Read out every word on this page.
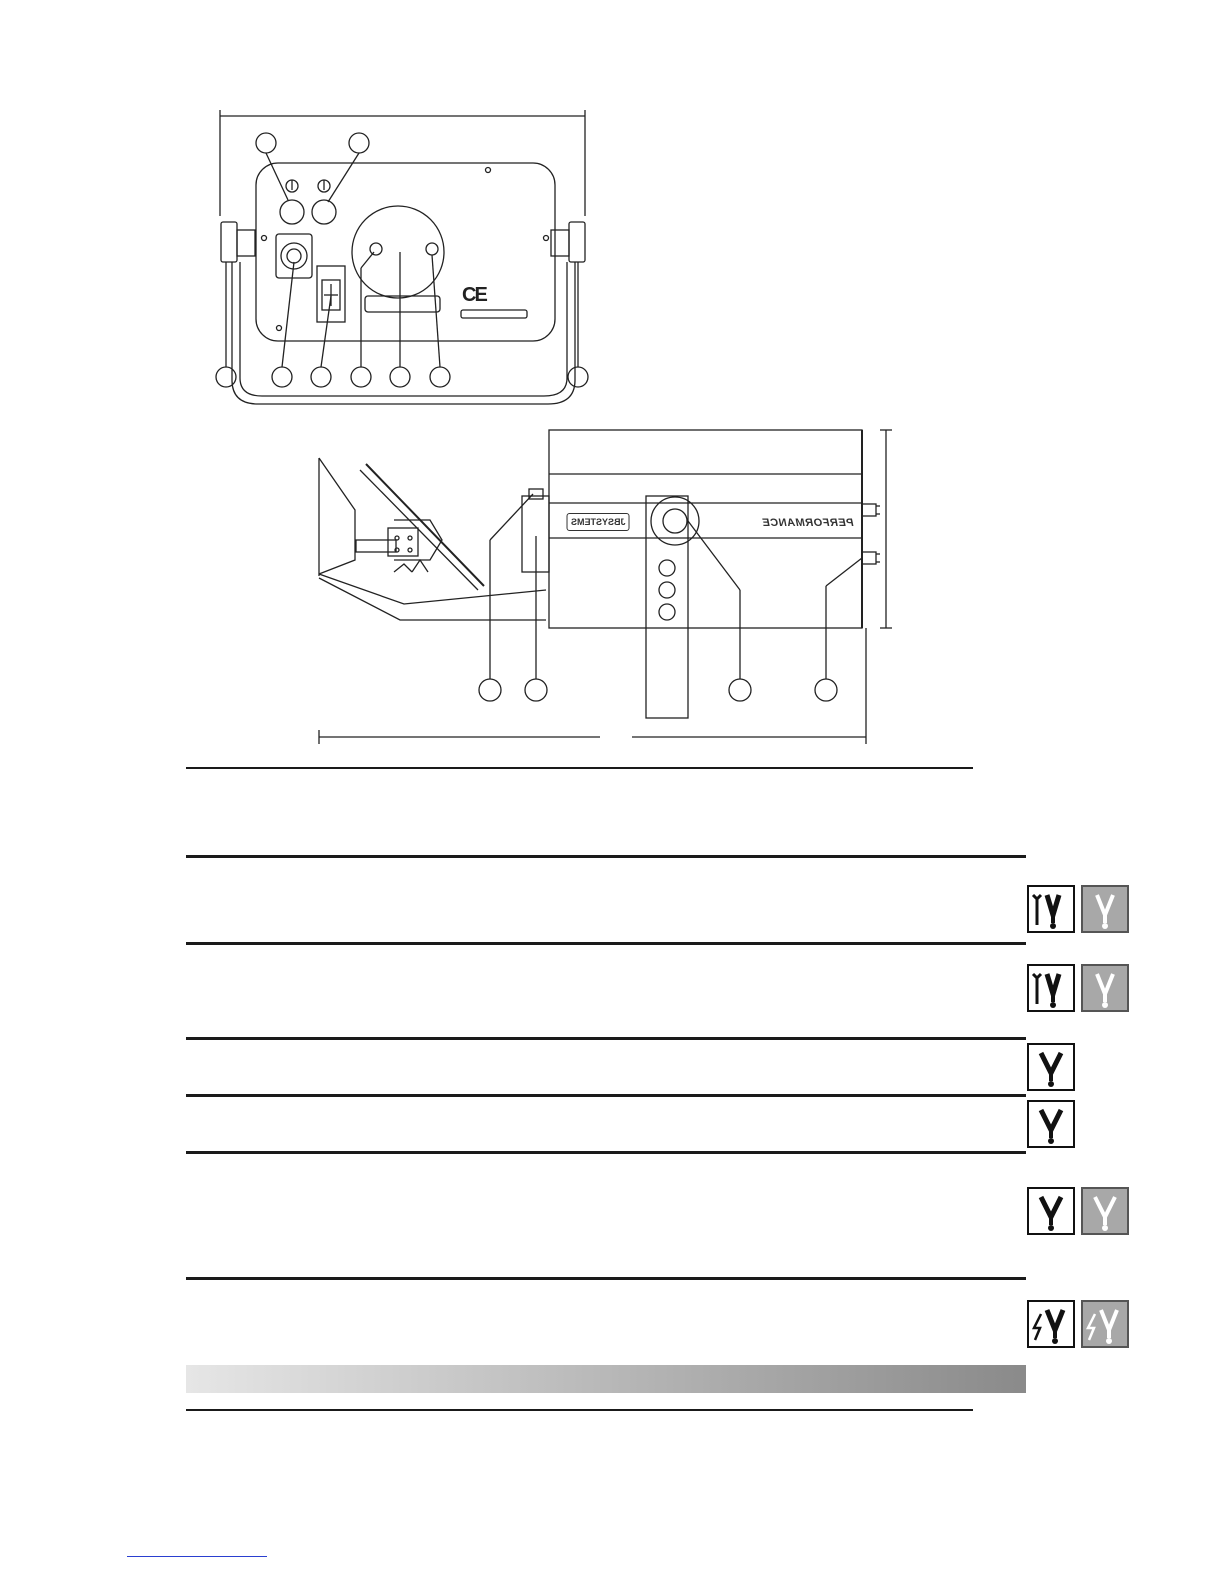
CE
JBSYSTEMS	PERFORMANCE
